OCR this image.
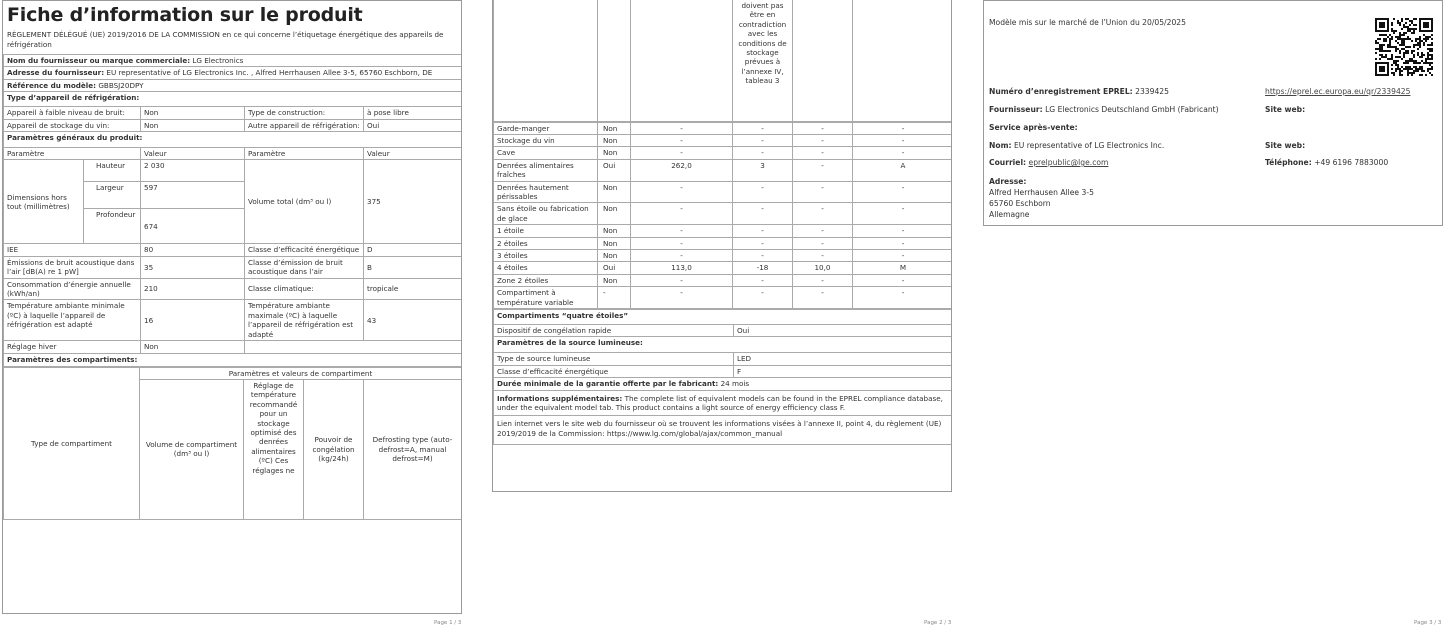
Fiche d’information sur le produit
RÈGLEMENT DÉLÉGUÉ (UE) 2019/2016 DE LA COMMISSION en ce qui concerne l’étiquetage énergétique des appareils de réfrigération
Nom du fournisseur ou marque commerciale: LG Electronics				
Adresse du fournisseur: EU representative of LG Electronics Inc. , Alfred Herrhausen Allee 3-5, 65760 Eschborn, DE				
Référence du modèle: GBBSJ20DPY				
Type d’appareil de réfrigération:				
Appareil à faible niveau de bruit:		Non	Type de construction:	à pose libre
Appareil de stockage du vin:		Non	Autre appareil de réfrigération:	Oui
Paramètres généraux du produit:				
Paramètre		Valeur	Paramètre	Valeur
Dimensions hors tout (millimètres)	Hauteur	2 030	Volume total (dm³ ou l)	375
	Largeur	597		
	Profondeur	674		
IEE		80	Classe d’efficacité énergétique	D
Émissions de bruit acoustique dans l’air [dB(A) re 1 pW]		35	Classe d’émission de bruit acoustique dans l’air	B
Consommation d’énergie annuelle (kWh/an)		210	Classe climatique:	tropicale
Température ambiante minimale (ºC) à laquelle l’appareil de réfrigération est adapté		16	Température ambiante maximale (ºC) à laquelle l’appareil de réfrigération est adapté	43
Réglage hiver		Non		
Paramètres des compartiments:				
Type de compartiment	Paramètres et valeurs de compartiment			
	Volume de compartiment (dm³ ou l)	Réglage de température recommandé pour un stockage optimisé des denrées alimentaires (ºC) Ces réglages ne	Pouvoir de congélation (kg/24h)	Defrosting type (auto-defrost=A, manual defrost=M)
Page 1 / 3
			doivent pas être en contradiction avec les conditions de stockage prévues à l’annexe IV, tableau 3		
Garde-manger	Non	-	-	-	-
Stockage du vin	Non	-	-	-	-
Cave	Non	-	-	-	-
Denrées alimentaires fraîches	Oui	262,0	3	-	A
Denrées hautement périssables	Non	-	-	-	-
Sans étoile ou fabrication de glace	Non	-	-	-	-
1 étoile	Non	-	-	-	-
2 étoiles	Non	-	-	-	-
3 étoiles	Non	-	-	-	-
4 étoiles	Oui	113,0	-18	10,0	M
Zone 2 étoiles	Non	-	-	-	-
Compartiment à température variable	-	-	-	-	-
Compartiments “quatre étoiles”	
Dispositif de congélation rapide	Oui
Paramètres de la source lumineuse:	
Type de source lumineuse	LED
Classe d’efficacité énergétique	F
Durée minimale de la garantie offerte par le fabricant: 24 mois	
Informations supplémentaires: The complete list of equivalent models can be found in the EPREL compliance database, under the equivalent model tab. This product contains a light source of energy efficiency class F.	
Lien internet vers le site web du fournisseur où se trouvent les informations visées à l’annexe II, point 4, du règlement (UE) 2019/2019 de la Commission: https://www.lg.com/global/ajax/common_manual	
Page 2 / 3
Modèle mis sur le marché de l’Union du 20/05/2025
Numéro d’enregistrement EPREL: 2339425	https://eprel.ec.europa.eu/qr/2339425
Fournisseur: LG Electronics Deutschland GmbH (Fabricant)	Site web:
Service après-vente:
Nom: EU representative of LG Electronics Inc.	Site web:
Courriel: eprelpublic@lge.com	Téléphone: +49 6196 7883000
Adresse:
Alfred Herrhausen Allee 3-5
65760 Eschborn
Allemagne
Page 3 / 3
